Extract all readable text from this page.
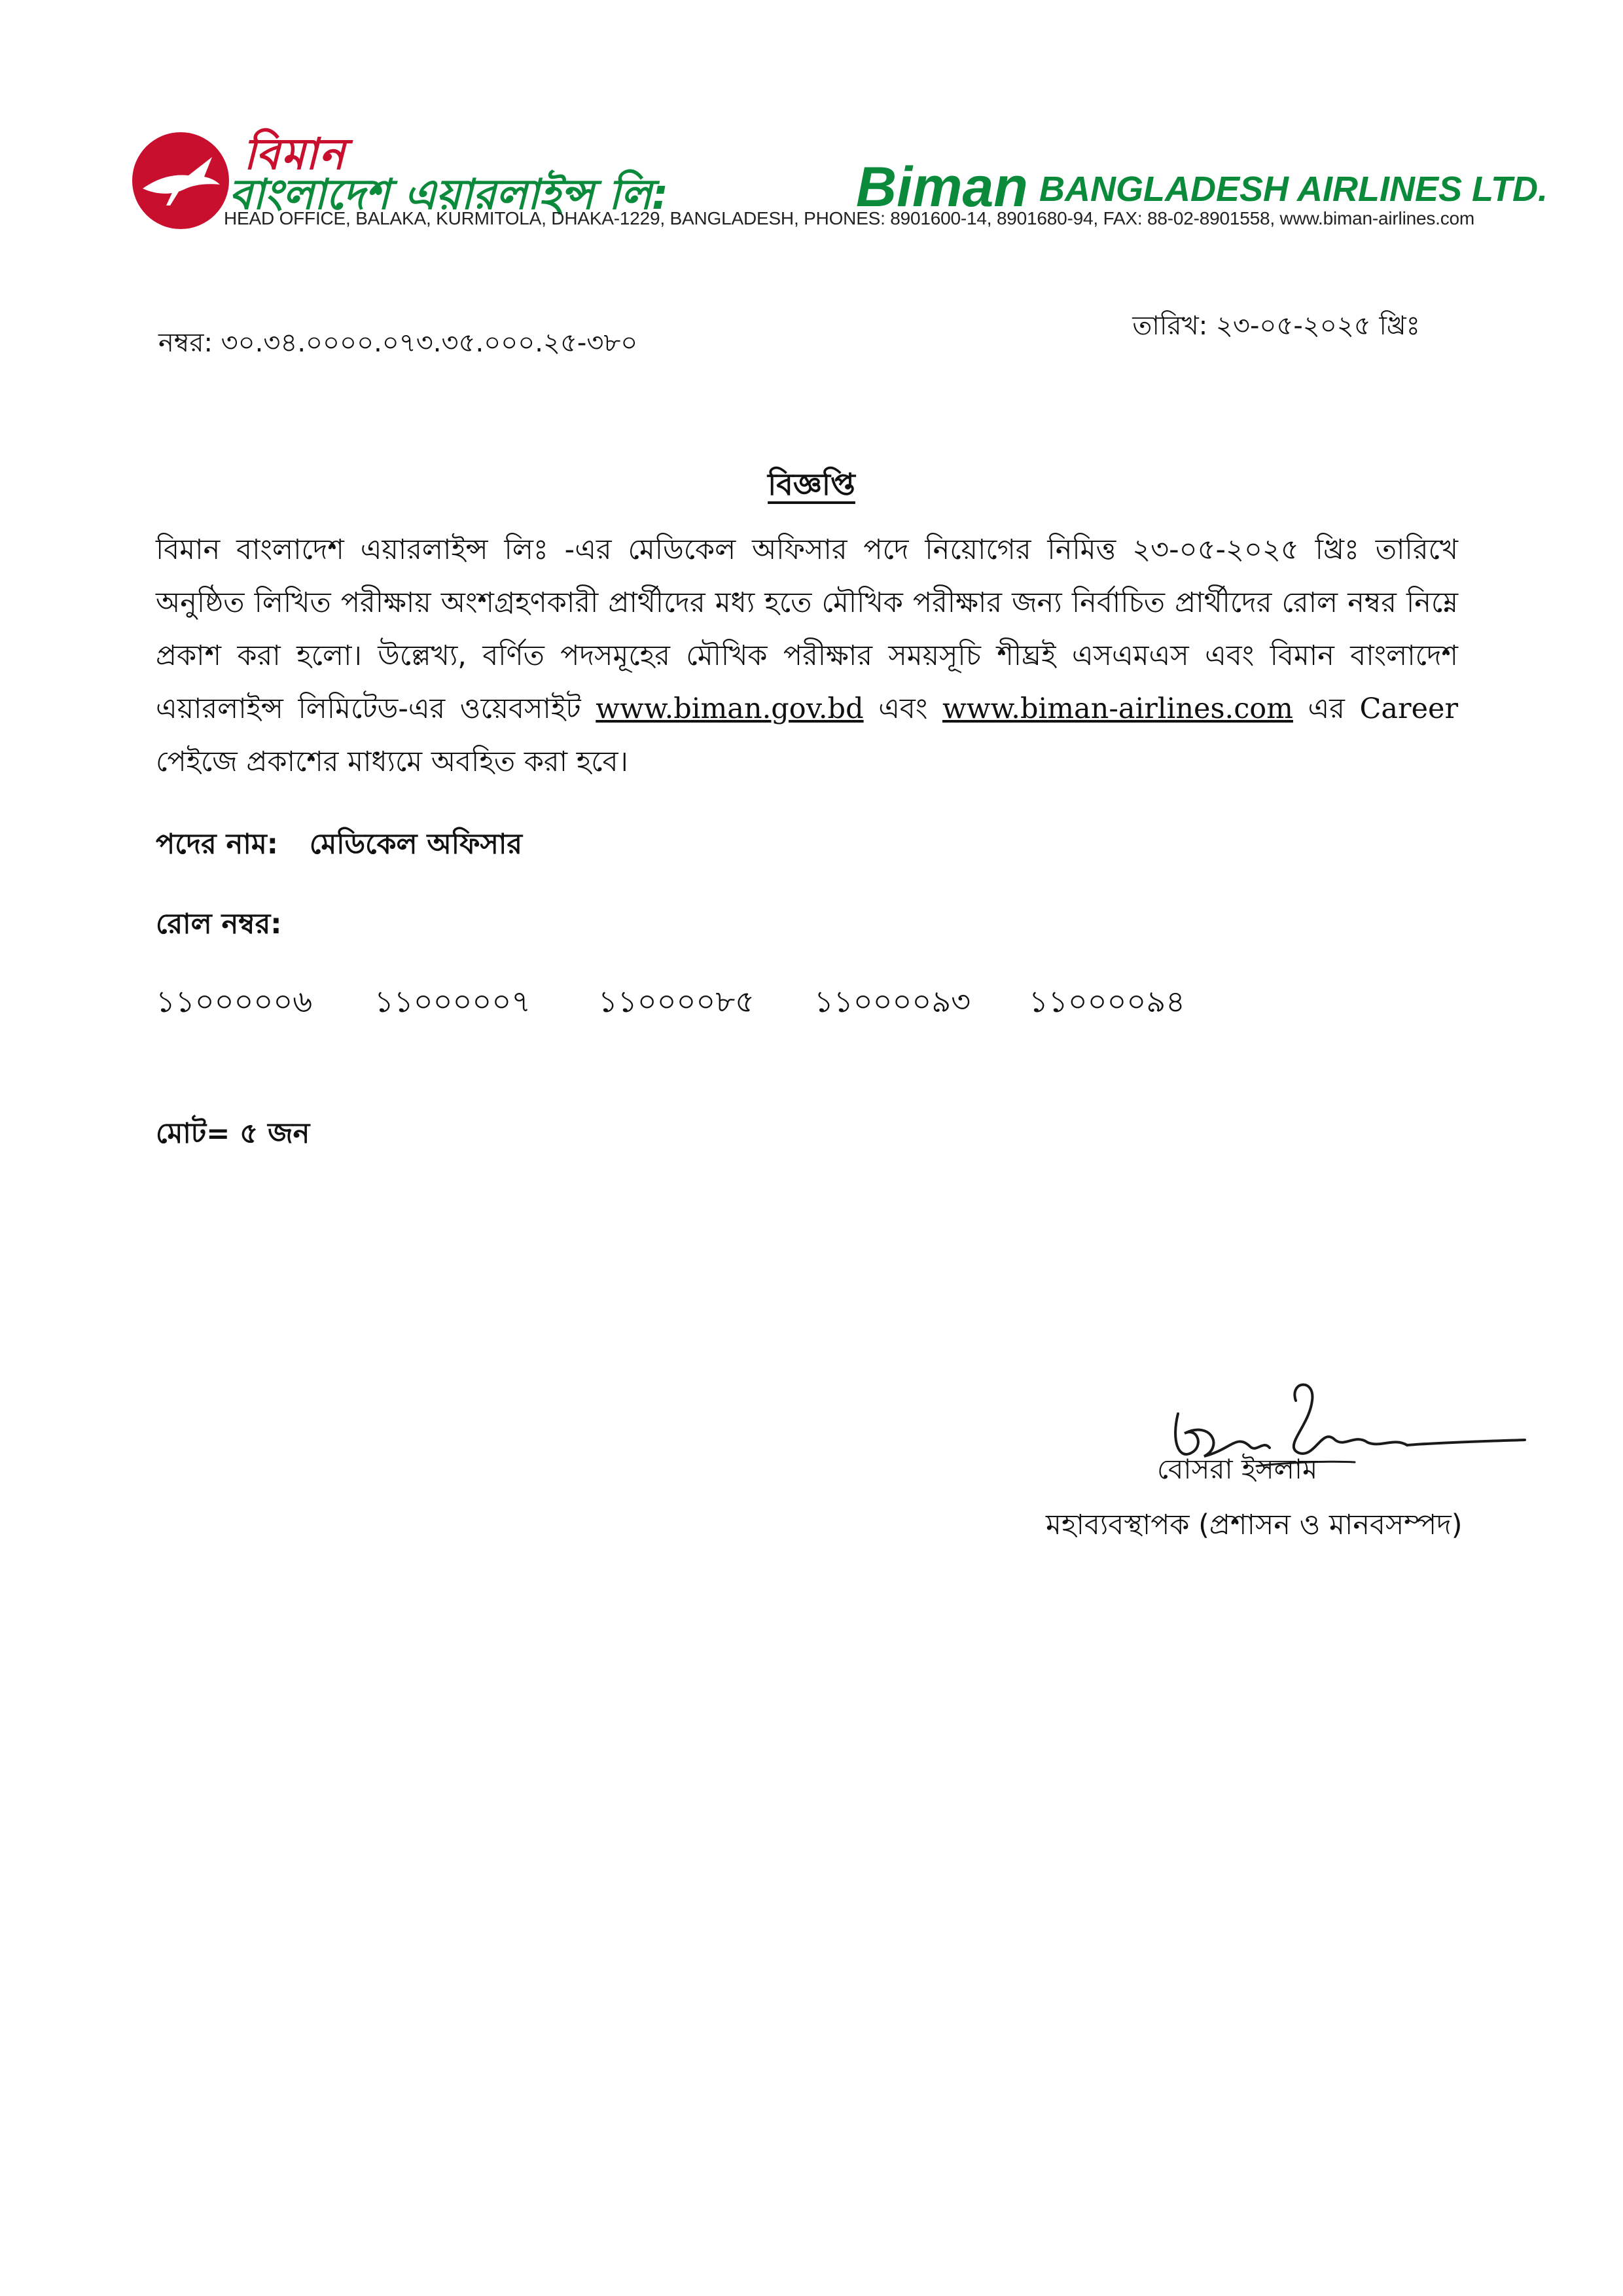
বিমান
বাংলাদেশ এয়ারলাইন্স লি:	Biman BANGLADESH AIRLINES LTD.
HEAD OFFICE, BALAKA, KURMITOLA, DHAKA-1229, BANGLADESH, PHONES: 8901600-14, 8901680-94, FAX: 88-02-8901558, www.biman-airlines.com
নম্বর: ৩০.৩৪.০০০০.০৭৩.৩৫.০০০.২৫-৩৮০
তারিখ: ২৩-০৫-২০২৫ খ্রিঃ
বিজ্ঞপ্তি
বিমান বাংলাদেশ এয়ারলাইন্স লিঃ -এর মেডিকেল অফিসার পদে নিয়োগের নিমিত্ত ২৩-০৫-২০২৫ খ্রিঃ তারিখে অনুষ্ঠিত লিখিত পরীক্ষায় অংশগ্রহণকারী প্রার্থীদের মধ্য হতে মৌখিক পরীক্ষার জন্য নির্বাচিত প্রার্থীদের রোল নম্বর নিম্নে প্রকাশ করা হলো। উল্লেখ্য, বর্ণিত পদসমূহের মৌখিক পরীক্ষার সময়সূচি শীঘ্রই এসএমএস এবং বিমান বাংলাদেশ এয়ারলাইন্স লিমিটেড-এর ওয়েবসাইট www.biman.gov.bd এবং www.biman-airlines.com এর Career পেইজে প্রকাশের মাধ্যমে অবহিত করা হবে।
পদের নাম: মেডিকেল অফিসার
রোল নম্বর:
১১০০০০০৬ ১১০০০০০৭ ১১০০০০৮৫ ১১০০০০৯৩ ১১০০০০৯৪
মোট= ৫ জন
বোসরা ইসলাম
মহাব্যবস্থাপক (প্রশাসন ও মানবসম্পদ)
